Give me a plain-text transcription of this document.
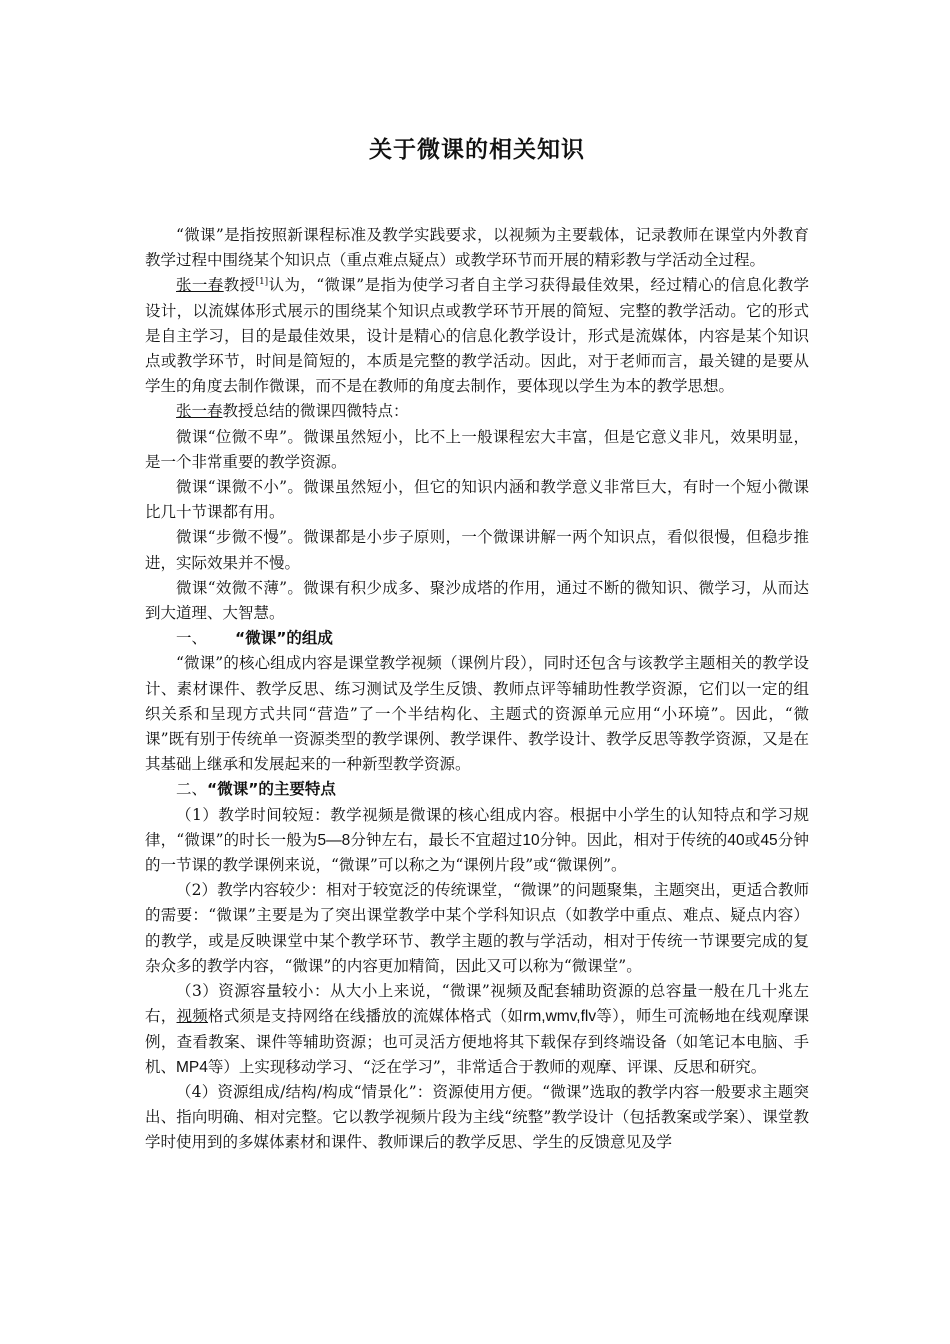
关于微课的相关知识

“微课”是指按照新课程标准及教学实践要求，以视频为主要载体，记录教师在课堂内外教育教学过程中围绕某个知识点（重点难点疑点）或教学环节而开展的精彩教与学活动全过程。

张一春教授[1]认为，“微课”是指为使学习者自主学习获得最佳效果，经过精心的信息化教学设计，以流媒体形式展示的围绕某个知识点或教学环节开展的简短、完整的教学活动。它的形式是自主学习，目的是最佳效果，设计是精心的信息化教学设计，形式是流媒体，内容是某个知识点或教学环节，时间是简短的，本质是完整的教学活动。因此，对于老师而言，最关键的是要从学生的角度去制作微课，而不是在教师的角度去制作，要体现以学生为本的教学思想。

张一春教授总结的微课四微特点：

微课“位微不卑”。微课虽然短小，比不上一般课程宏大丰富，但是它意义非凡，效果明显，是一个非常重要的教学资源。

微课“课微不小”。微课虽然短小，但它的知识内涵和教学意义非常巨大，有时一个短小微课比几十节课都有用。

微课“步微不慢”。微课都是小步子原则，一个微课讲解一两个知识点，看似很慢，但稳步推进，实际效果并不慢。

微课“效微不薄”。微课有积少成多、聚沙成塔的作用，通过不断的微知识、微学习，从而达到大道理、大智慧。

一、 “微课”的组成

“微课”的核心组成内容是课堂教学视频（课例片段），同时还包含与该教学主题相关的教学设计、素材课件、教学反思、练习测试及学生反馈、教师点评等辅助性教学资源，它们以一定的组织关系和呈现方式共同“营造”了一个半结构化、主题式的资源单元应用“小环境”。因此，“微课”既有别于传统单一资源类型的教学课例、教学课件、教学设计、教学反思等教学资源，又是在其基础上继承和发展起来的一种新型教学资源。

二、“微课”的主要特点

（1）教学时间较短：教学视频是微课的核心组成内容。根据中小学生的认知特点和学习规律，“微课”的时长一般为5—8分钟左右，最长不宜超过10分钟。因此，相对于传统的40或45分钟的一节课的教学课例来说，“微课”可以称之为“课例片段”或“微课例”。

（2）教学内容较少：相对于较宽泛的传统课堂，“微课”的问题聚集，主题突出，更适合教师的需要：“微课”主要是为了突出课堂教学中某个学科知识点（如教学中重点、难点、疑点内容）的教学，或是反映课堂中某个教学环节、教学主题的教与学活动，相对于传统一节课要完成的复杂众多的教学内容，“微课”的内容更加精简，因此又可以称为“微课堂”。

（3）资源容量较小：从大小上来说，“微课”视频及配套辅助资源的总容量一般在几十兆左右，视频格式须是支持网络在线播放的流媒体格式（如rm,wmv,flv等），师生可流畅地在线观摩课例，查看教案、课件等辅助资源；也可灵活方便地将其下载保存到终端设备（如笔记本电脑、手机、MP4等）上实现移动学习、“泛在学习”，非常适合于教师的观摩、评课、反思和研究。

（4）资源组成/结构/构成“情景化”：资源使用方便。“微课”选取的教学内容一般要求主题突出、指向明确、相对完整。它以教学视频片段为主线“统整”教学设计（包括教案或学案）、课堂教学时使用到的多媒体素材和课件、教师课后的教学反思、学生的反馈意见及学
